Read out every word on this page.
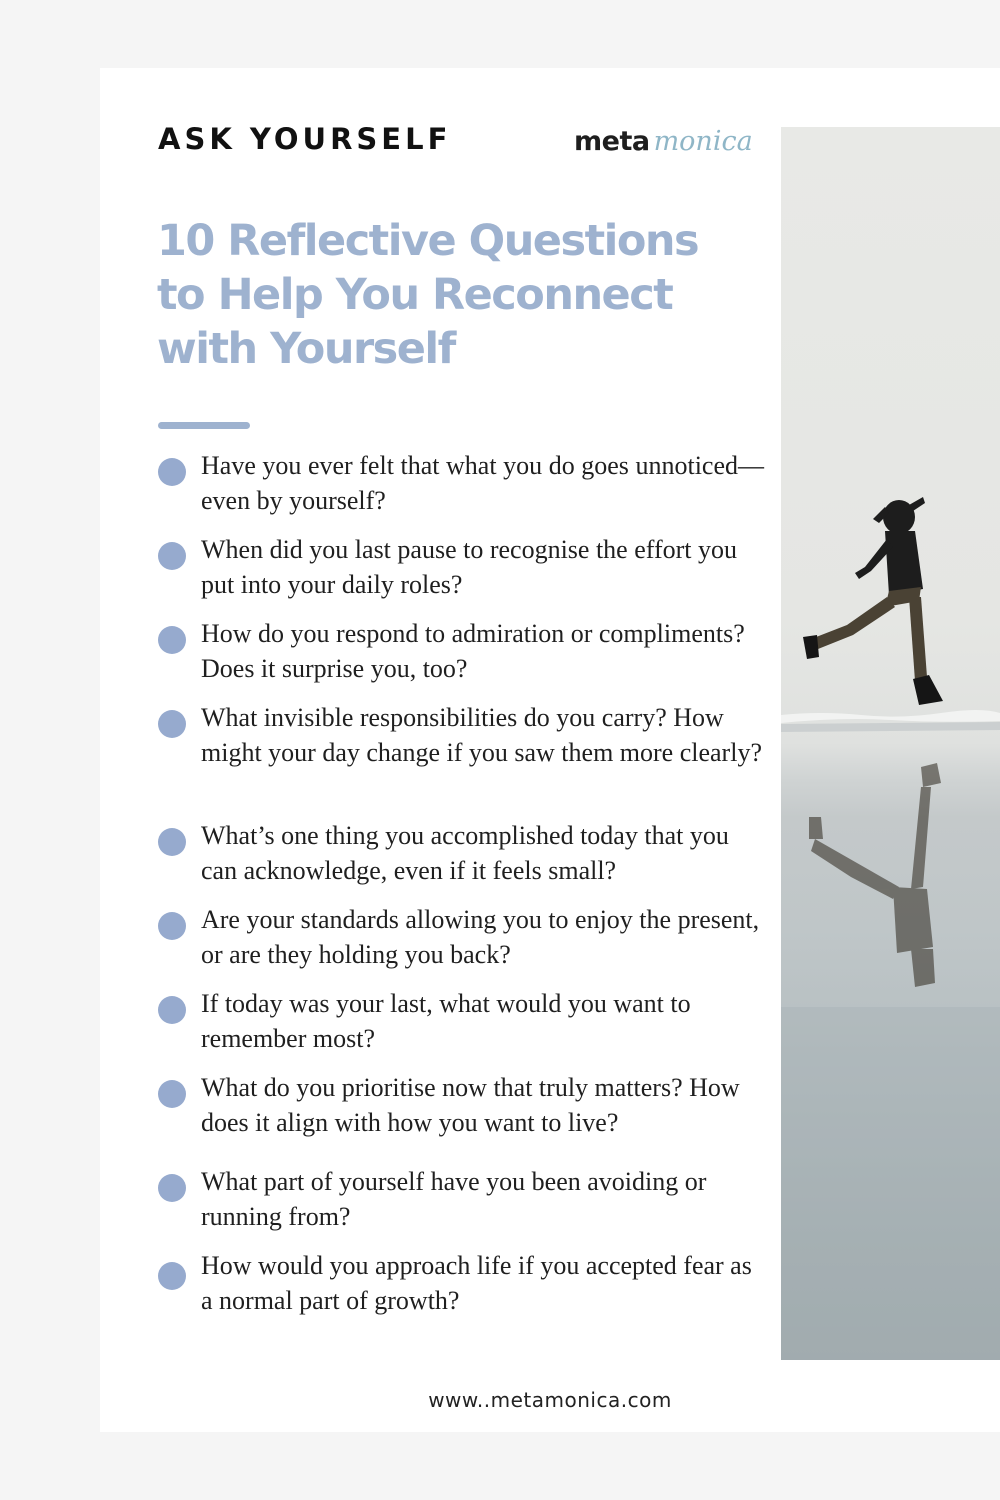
ASK YOURSELF	meta monica
10 Reflective Questions
to Help You Reconnect
with Yourself
Have you ever felt that what you do goes unnoticed—even by yourself?
When did you last pause to recognise the effort you put into your daily roles?
How do you respond to admiration or compliments? Does it surprise you, too?
What invisible responsibilities do you carry? How might your day change if you saw them more clearly?
What’s one thing you accomplished today that you can acknowledge, even if it feels small?
Are your standards allowing you to enjoy the present, or are they holding you back?
If today was your last, what would you want to remember most?
What do you prioritise now that truly matters? How does it align with how you want to live?
What part of yourself have you been avoiding or running from?
How would you approach life if you accepted fear as a normal part of growth?
www..metamonica.com
